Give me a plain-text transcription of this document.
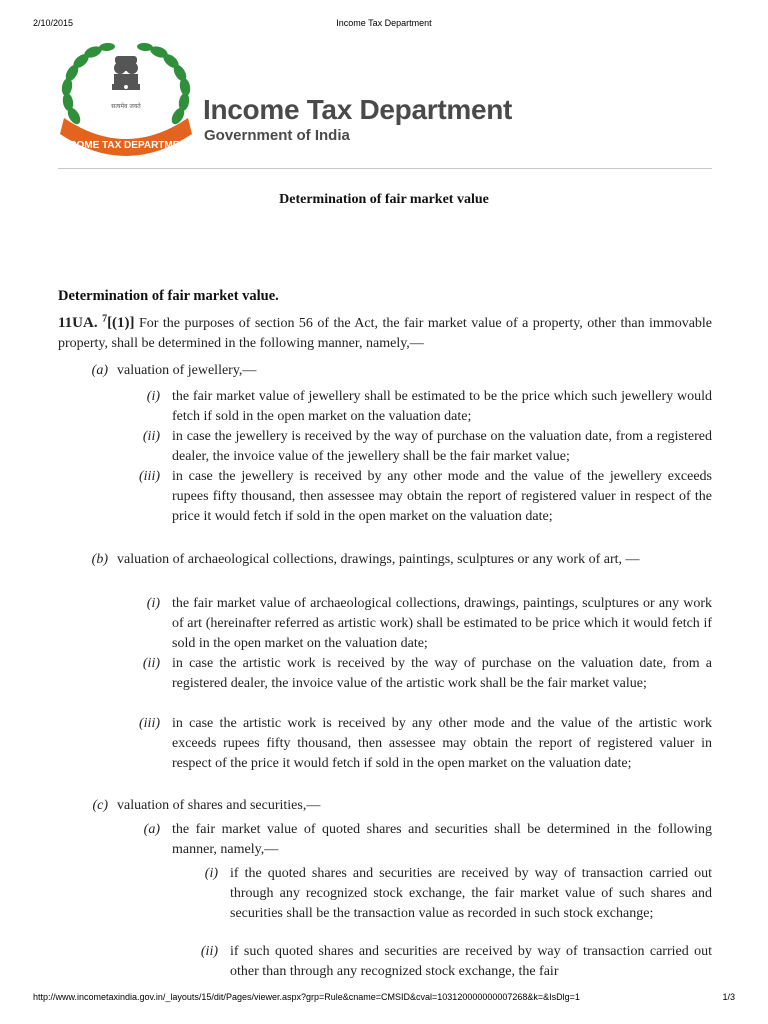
2/10/2015	Income Tax Department
सत्यमेव जयते
INCOME TAX DEPARTMENT
Income Tax Department
Government of India
Determination of fair market value
Determination of fair market value.
11UA. $^7$[(1)] For the purposes of section 56 of the Act, the fair market value of a property, other than immovable property, shall be determined in the following manner, namely,—
(a) valuation of jewellery,—
(i) the fair market value of jewellery shall be estimated to be the price which such jewellery would fetch if sold in the open market on the valuation date;
(ii) in case the jewellery is received by the way of purchase on the valuation date, from a registered dealer, the invoice value of the jewellery shall be the fair market value;
(iii) in case the jewellery is received by any other mode and the value of the jewellery exceeds rupees fifty thousand, then assessee may obtain the report of registered valuer in respect of the price it would fetch if sold in the open market on the valuation date;
(b) valuation of archaeological collections, drawings, paintings, sculptures or any work of art, —
(i) the fair market value of archaeological collections, drawings, paintings, sculptures or any work of art (hereinafter referred as artistic work) shall be estimated to be price which it would fetch if sold in the open market on the valuation date;
(ii) in case the artistic work is received by the way of purchase on the valuation date, from a registered dealer, the invoice value of the artistic work shall be the fair market value;
(iii) in case the artistic work is received by any other mode and the value of the artistic work exceeds rupees fifty thousand, then assessee may obtain the report of registered valuer in respect of the price it would fetch if sold in the open market on the valuation date;
(c) valuation of shares and securities,—
(a) the fair market value of quoted shares and securities shall be determined in the following manner, namely,—
(i) if the quoted shares and securities are received by way of transaction carried out through any recognized stock exchange, the fair market value of such shares and securities shall be the transaction value as recorded in such stock exchange;
(ii) if such quoted shares and securities are received by way of transaction carried out other than through any recognized stock exchange, the fair
http://www.incometaxindia.gov.in/_layouts/15/dit/Pages/viewer.aspx?grp=Rule&cname=CMSID&cval=103120000000007268&k=&IsDlg=1	1/3
